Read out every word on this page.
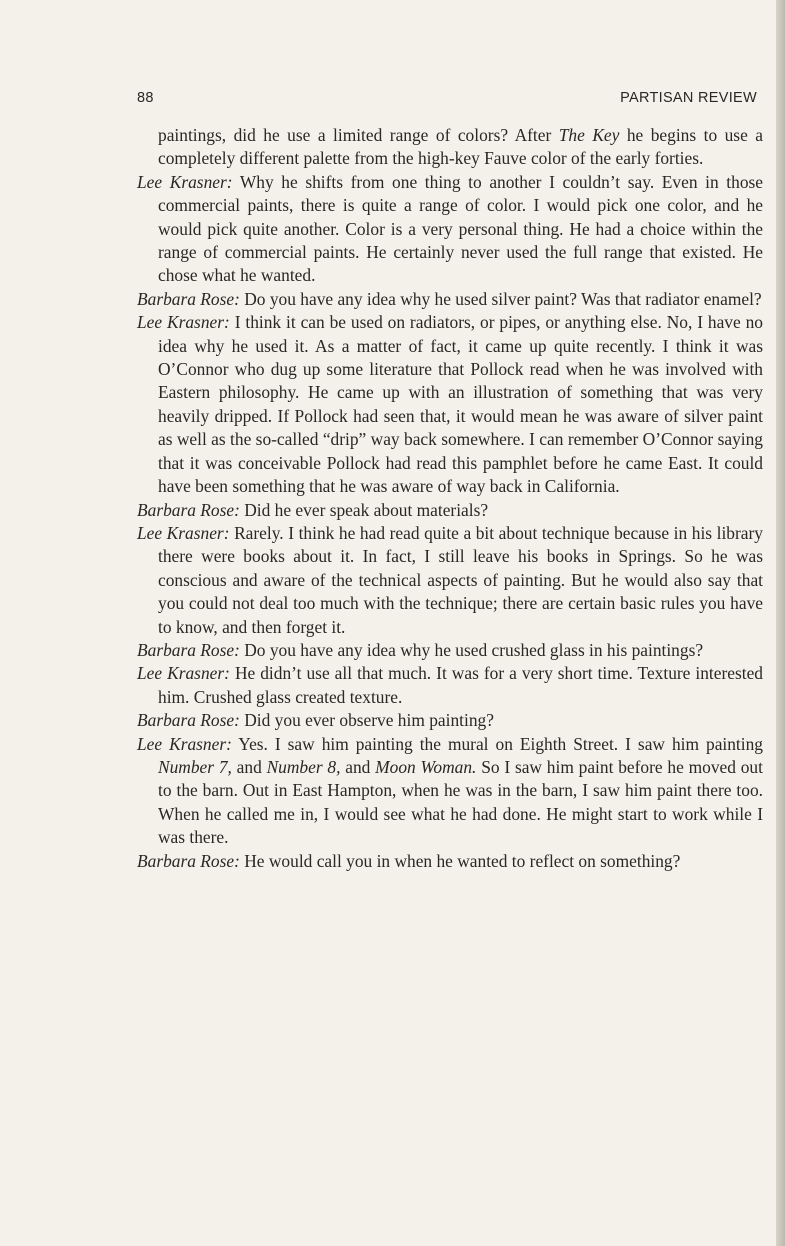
88	PARTISAN REVIEW

paintings, did he use a limited range of colors? After The Key he begins to use a completely different palette from the high-key Fauve color of the early forties.

Lee Krasner: Why he shifts from one thing to another I couldn’t say. Even in those commercial paints, there is quite a range of color. I would pick one color, and he would pick quite another. Color is a very personal thing. He had a choice within the range of commercial paints. He certainly never used the full range that existed. He chose what he wanted.

Barbara Rose: Do you have any idea why he used silver paint? Was that radiator enamel?

Lee Krasner: I think it can be used on radiators, or pipes, or anything else. No, I have no idea why he used it. As a matter of fact, it came up quite recently. I think it was O’Connor who dug up some literature that Pollock read when he was involved with Eastern philosophy. He came up with an illustration of something that was very heavily dripped. If Pollock had seen that, it would mean he was aware of silver paint as well as the so-called “drip” way back somewhere. I can remember O’Connor saying that it was conceivable Pollock had read this pamphlet before he came East. It could have been something that he was aware of way back in California.

Barbara Rose: Did he ever speak about materials?

Lee Krasner: Rarely. I think he had read quite a bit about technique because in his library there were books about it. In fact, I still leave his books in Springs. So he was conscious and aware of the technical aspects of painting. But he would also say that you could not deal too much with the technique; there are certain basic rules you have to know, and then forget it.

Barbara Rose: Do you have any idea why he used crushed glass in his paintings?

Lee Krasner: He didn’t use all that much. It was for a very short time. Texture interested him. Crushed glass created texture.

Barbara Rose: Did you ever observe him painting?

Lee Krasner: Yes. I saw him painting the mural on Eighth Street. I saw him painting Number 7, and Number 8, and Moon Woman. So I saw him paint before he moved out to the barn. Out in East Hampton, when he was in the barn, I saw him paint there too. When he called me in, I would see what he had done. He might start to work while I was there.

Barbara Rose: He would call you in when he wanted to reflect on something?
